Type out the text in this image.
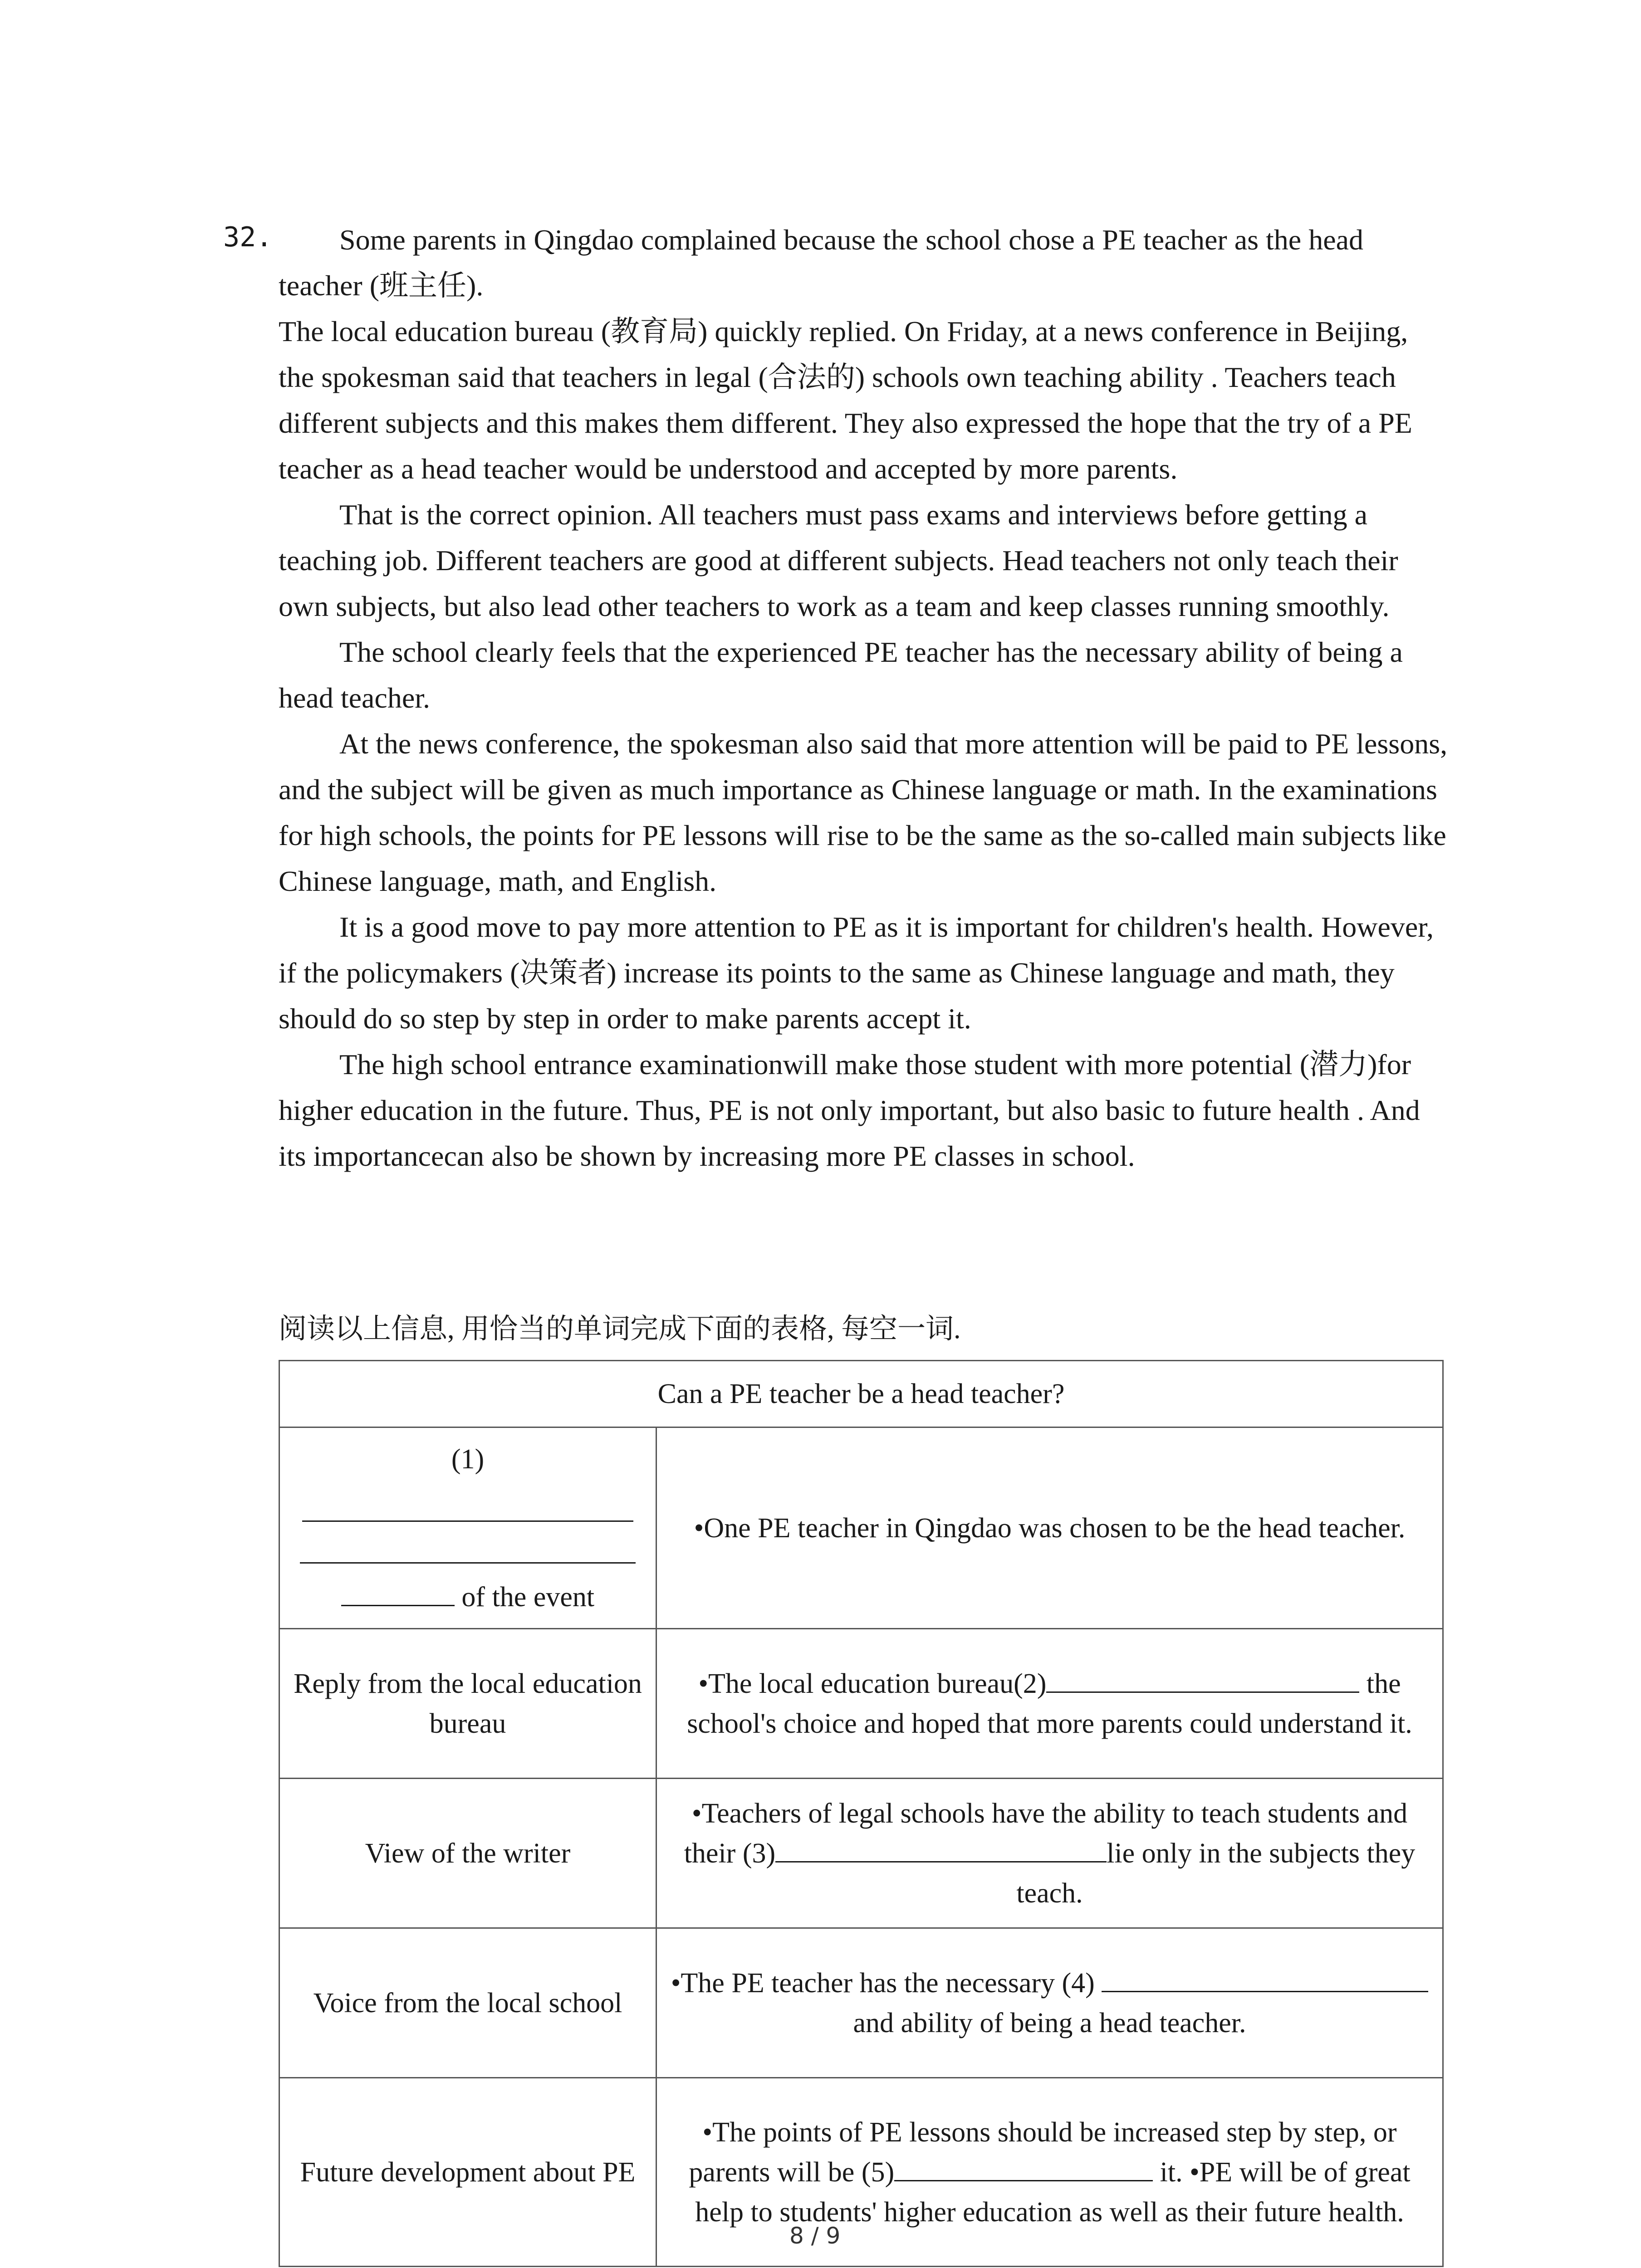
32.	Some parents in Qingdao complained because the school chose a PE teacher as the head teacher (班主任).

The local education bureau (教育局) quickly replied. On Friday, at a news conference in Beijing, the spokesman said that teachers in legal (合法的) schools own teaching ability . Teachers teach different subjects and this makes them different. They also expressed the hope that the try of a PE teacher as a head teacher would be understood and accepted by more parents.

That is the correct opinion. All teachers must pass exams and interviews before getting a teaching job. Different teachers are good at different subjects. Head teachers not only teach their own subjects, but also lead other teachers to work as a team and keep classes running smoothly.

The school clearly feels that the experienced PE teacher has the necessary ability of being a head teacher.

At the news conference, the spokesman also said that more attention will be paid to PE lessons, and the subject will be given as much importance as Chinese language or math. In the examinations for high schools, the points for PE lessons will rise to be the same as the so-called main subjects like Chinese language, math, and English.

It is a good move to pay more attention to PE as it is important for children's health. However, if the policymakers (决策者) increase its points to the same as Chinese language and math, they should do so step by step in order to make parents accept it.

The high school entrance examinationwill make those student with more potential (潜力)for higher education in the future. Thus, PE is not only important, but also basic to future health . And its importancecan also be shown by increasing more PE classes in school.

阅读以上信息, 用恰当的单词完成下面的表格, 每空一词.
Can a PE teacher be a head teacher?	

(1)
of the event	•One PE teacher in Qingdao was chosen to be the head teacher.
Reply from the local education bureau	•The local education bureau(2) the school's choice and hoped that more parents could understand it.
View of the writer	•Teachers of legal schools have the ability to teach students and their (3) lie only in the subjects they teach.
Voice from the local school	•The PE teacher has the necessary (4)  and ability of being a head teacher.
Future development about PE	•The points of PE lessons should be increased step by step, or parents will be (5) it. •PE will be of great help to students' higher education as well as their future health.
8 / 9
